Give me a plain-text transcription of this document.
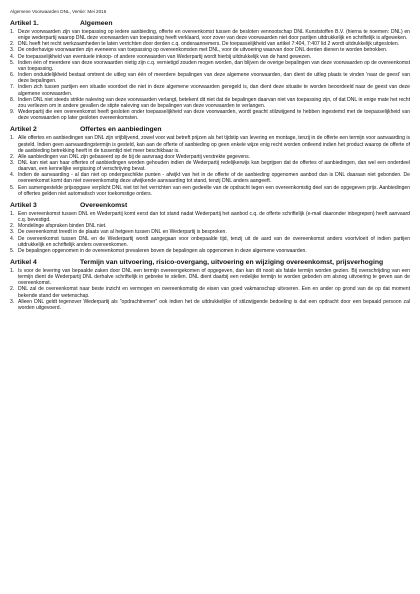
Algemene Voorwaarden DNL, Versie: Mei 2016
Artikel 1.	Algemeen
1. Deze voorwaarden zijn van toepassing op iedere aanbieding, offerte en overeenkomst tussen de besloten vennootschap DNL Kunststoffen B.V. (hierna te noemen: DNL) en enige wederpartij waarop DNL deze voorwaarden van toepassing heeft verklaard, voor zover van deze voorwaarden niet door partijen uitdrukkelijk en schriftelijk is afgeweken.
2. DNL heeft het recht werkzaamheden te laten verrichten door derden c.q. onderaannemers. De toepasselijkheid van artikel 7:404, 7:407 lid 2 wordt uitdrukkelijk uitgesloten.
3. De onderhavige voorwaarden zijn eveneens van toepassing op overeenkomsten met DNL, voor de uitvoering waarvan door DNL derden dienen te worden betrokken.
4. De toepasselijkheid van eventuele inkoop- of andere voorwaarden van Wederpartij wordt hierbij uitdrukkelijk van de hand gewezen.
5. Indien één of meerdere van deze voorwaarden nietig zijn c.q. vernietigd zouden mogen worden, dan blijven de overige bepalingen van deze voorwaarden op de overeenkomst van toepassing.
6. Indien onduidelijkheid bestaat omtrent de uitleg van één of meerdere bepalingen van deze algemene voorwaarden, dan dient de uitleg plaats te vinden 'naar de geest' van deze bepalingen.
7. Indien zich tussen partijen een situatie voordoet die niet in deze algemene voorwaarden geregeld is, dan dient deze situatie te worden beoordeeld naar de geest van deze algemene voorwaarden.
8. Indien DNL niet steeds strikte naleving van deze voorwaarden verlangt, betekent dit niet dat de bepalingen daarvan niet van toepassing zijn, of dat DNL in enige mate het recht zou verliezen om in andere gevallen de stipte naleving van de bepalingen van deze voorwaarden te verlangen.
9. Wederpartij die een overeenkomst heeft gesloten onder toepasselijkheid van deze voorwaarden, wordt geacht stilzwijgend te hebben ingestemd met de toepasselijkheid van deze voorwaarden op later gesloten overeenkomsten.
Artikel 2	Offertes en aanbiedingen
1. Alle offertes en aanbiedingen van DNL zijn vrijblijvend, zowel voor wat betreft prijzen als het tijdstip van levering en montage, tenzij in de offerte een termijn voor aanvaarding is gesteld. Indien geen aanvaardingstermijn is gesteld, kan aan de offerte of aanbieding op geen enkele wijze enig recht worden ontleend indien het product waarop de offerte of de aanbieding betrekking heeft in de tussentijd niet meer beschikbaar is.
2. Alle aanbiedingen van DNL zijn gebaseerd op de bij de aanvraag door Wederpartij verstrekte gegevens.
3. DNL kan niet aan haar offertes of aanbiedingen worden gehouden indien de Wederpartij redelijkerwijs kan begrijpen dat de offertes of aanbiedingen, dan wel een onderdeel daarvan, een kennelijke vergissing of verschrijving bevat.
4. Indien de aanvaarding - al dan niet op ondergeschikte punten - afwijkt van het in de offerte of de aanbieding opgenomen aanbod dan is DNL daaraan niet gebonden. De overeenkomst komt dan niet overeenkomstig deze afwijkende aanvaarding tot stand, tenzij DNL anders aangeeft.
5. Een samengestelde prijsopgave verplicht DNL niet tot het verrichten van een gedeelte van de opdracht tegen een overeenkomstig deel van de opgegeven prijs. Aanbiedingen of offertes gelden niet automatisch voor toekomstige orders.
Artikel 3	Overeenkomst
1. Een overeenkomst tussen DNL en Wederpartij komt eerst dan tot stand nadat Wederpartij het aanbod c.q. de offerte schriftelijk (e-mail daaronder inbegrepen) heeft aanvaard c.q. bevestigd.
2. Mondelinge afspraken binden DNL niet.
3. De overeenkomst treedt in de plaats van al hetgeen tussen DNL en Wederpartij is besproken.
4. De overeenkomst tussen DNL en de Wederpartij wordt aangegaan voor onbepaalde tijd, tenzij uit de aard van de overeenkomst anders voortvloeit of indien partijen uitdrukkelijk en schriftelijk anders overeenkomen.
5. De bepalingen opgenomen in de overeenkomst prevaleren boven de bepalingen als opgenomen in deze algemene voorwaarden.
Artikel 4	Termijn van uitvoering, risico-overgang, uitvoering en wijziging overeenkomst, prijsverhoging
1. Is voor de levering van bepaalde zaken door DNL een termijn overeengekomen of opgegeven, dan kan dit nooit als fatale termijn worden gezien. Bij overschrijding van een termijn dient de Wederpartij DNL derhalve schriftelijk in gebreke te stellen. DNL dient daarbij een redelijke termijn te worden geboden om alsnog uitvoering te geven aan de overeenkomst.
2. DNL zal de overeenkomst naar beste inzicht en vermogen en overeenkomstig de eisen van goed vakmanschap uitvoeren. Een en ander op grond van de op dat moment bekende stand der wetenschap.
3. Alleen DNL geldt tegenover Wederpartij als "opdrachtnemer" ook indien het de uitdrukkelijke of stilzwijgende bedoeling is dat een opdracht door een bepaald persoon zal worden uitgevoerd.
